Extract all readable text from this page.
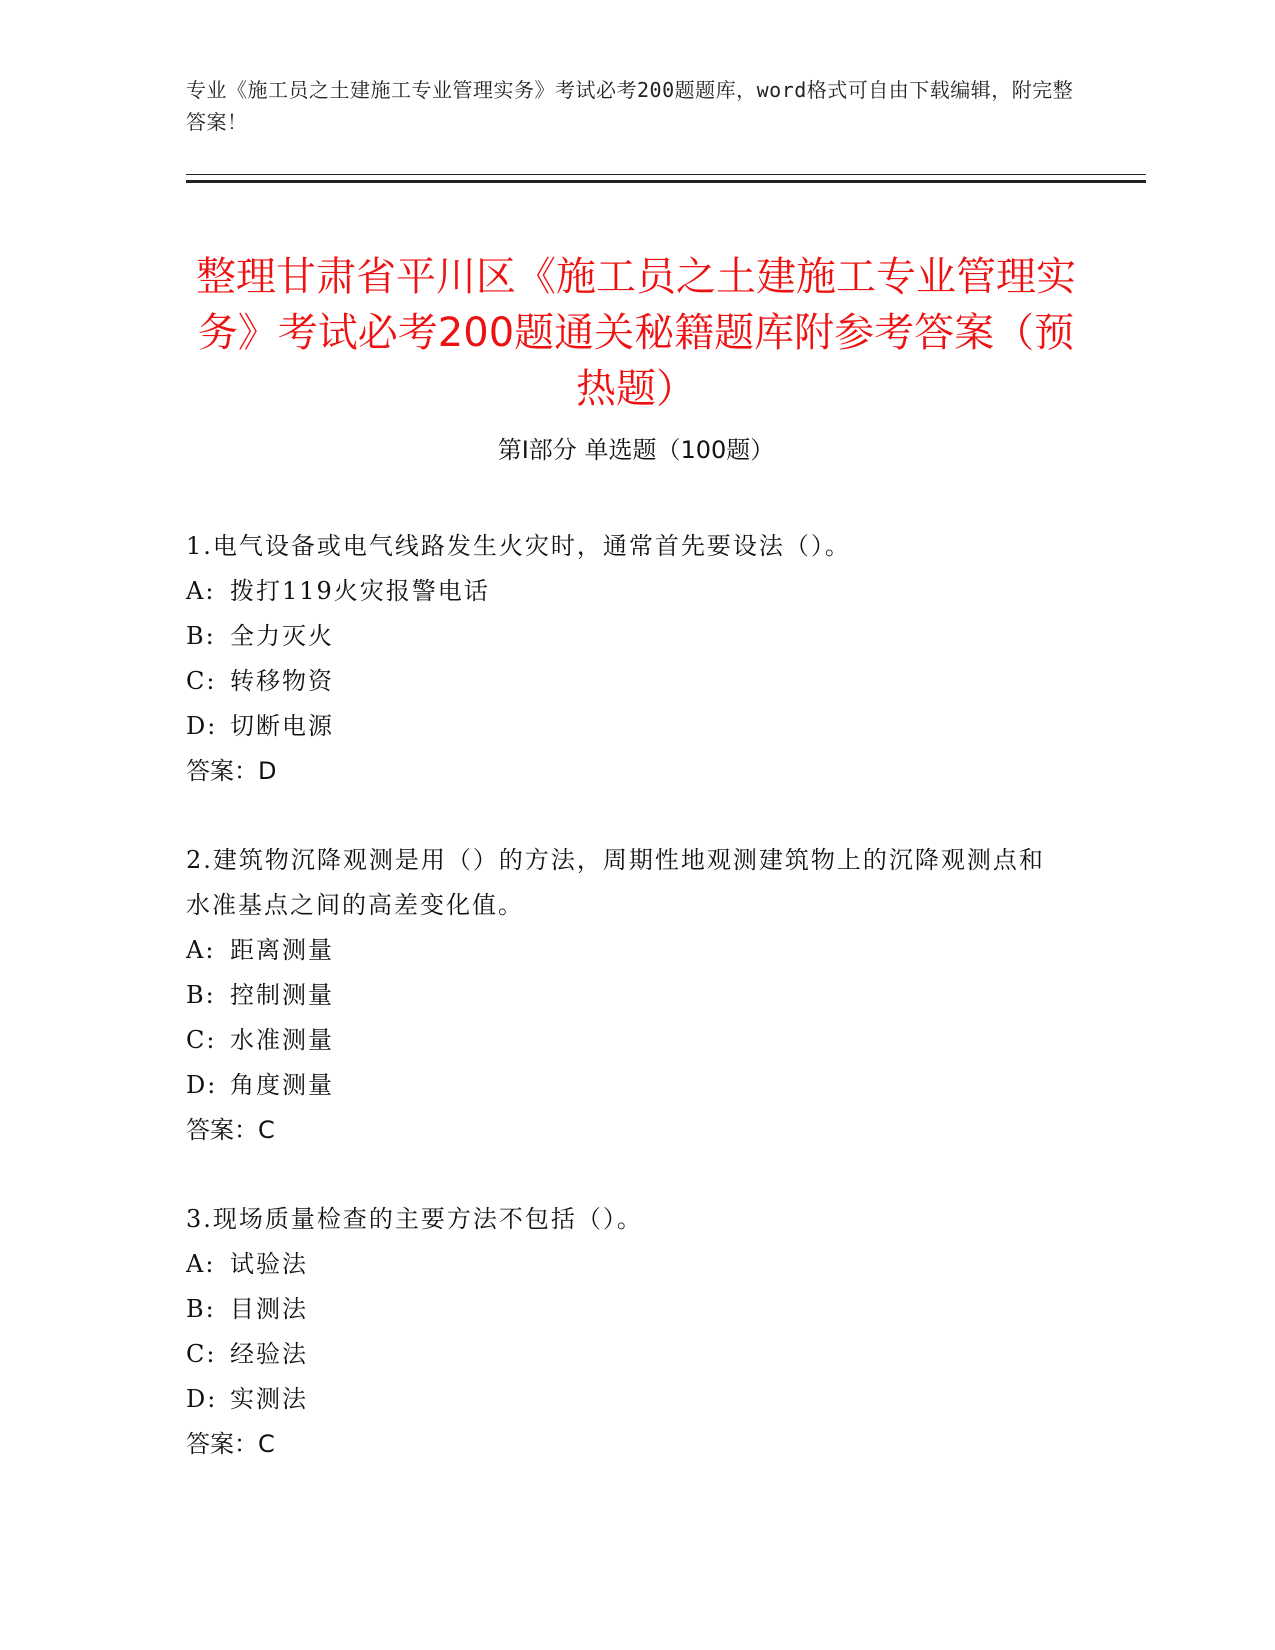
专业《施工员之土建施工专业管理实务》考试必考200题题库，word格式可自由下载编辑，附完整答案！
整理甘肃省平川区《施工员之土建施工专业管理实务》考试必考200题通关秘籍题库附参考答案（预热题）
第I部分 单选题（100题）

1.电气设备或电气线路发生火灾时，通常首先要设法（）。

A: 拨打119火灾报警电话

B: 全力灭火

C: 转移物资

D: 切断电源

答案：D

2.建筑物沉降观测是用（）的方法，周期性地观测建筑物上的沉降观测点和水准基点之间的高差变化值。

A: 距离测量

B: 控制测量

C: 水准测量

D: 角度测量

答案：C

3.现场质量检查的主要方法不包括（）。

A: 试验法

B: 目测法

C: 经验法

D: 实测法

答案：C
